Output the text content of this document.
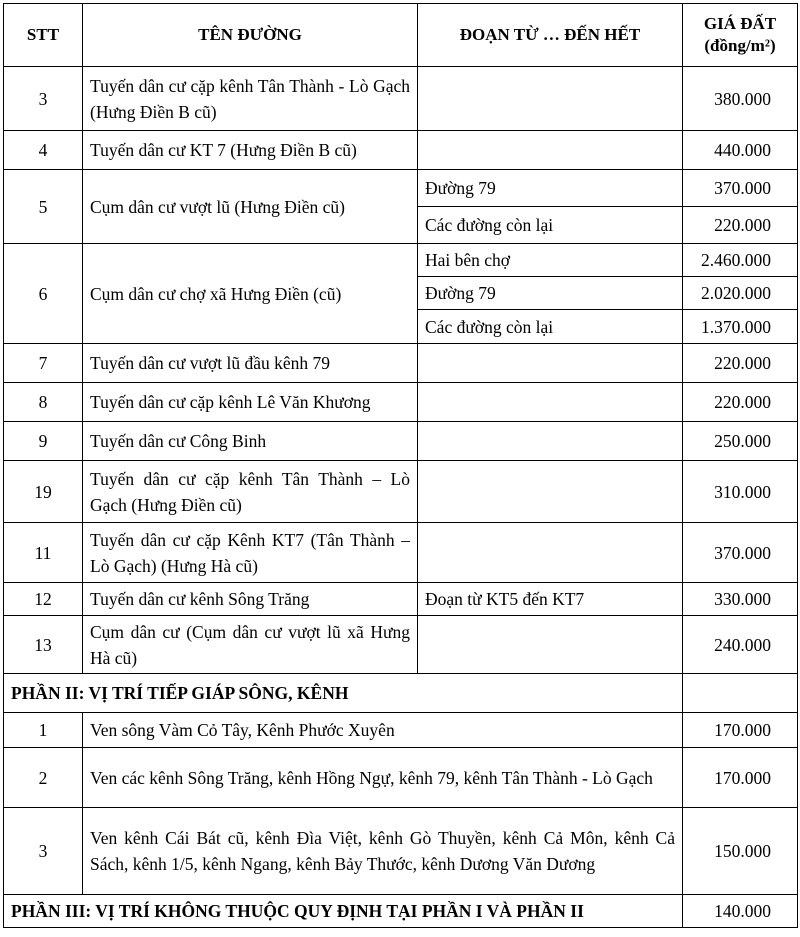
STT	TÊN ĐƯỜNG	ĐOẠN TỪ … ĐẾN HẾT	GIÁ ĐẤT
(đồng/m²)

3	Tuyến dân cư cặp kênh Tân Thành - Lò Gạch (Hưng Điền B cũ)		380.000
4	Tuyến dân cư KT 7 (Hưng Điền B cũ)		440.000
5	Cụm dân cư vượt lũ (Hưng Điền cũ)	Đường 79	370.000
		Các đường còn lại	220.000
6	Cụm dân cư chợ xã Hưng Điền (cũ)	Hai bên chợ	2.460.000
		Đường 79	2.020.000
		Các đường còn lại	1.370.000
7	Tuyến dân cư vượt lũ đầu kênh 79		220.000
8	Tuyến dân cư cặp kênh Lê Văn Khương		220.000
9	Tuyến dân cư Công Binh		250.000
19	Tuyến dân cư cặp kênh Tân Thành – Lò Gạch (Hưng Điền cũ)		310.000
11	Tuyến dân cư cặp Kênh KT7 (Tân Thành – Lò Gạch) (Hưng Hà cũ)		370.000
12	Tuyến dân cư kênh Sông Trăng	Đoạn từ KT5 đến KT7	330.000
13	Cụm dân cư (Cụm dân cư vượt lũ xã Hưng Hà cũ)		240.000
PHẦN II: VỊ TRÍ TIẾP GIÁP SÔNG, KÊNH			
1	Ven sông Vàm Cỏ Tây, Kênh Phước Xuyên		170.000
2	Ven các kênh Sông Trăng, kênh Hồng Ngự, kênh 79, kênh Tân Thành - Lò Gạch		170.000
3	Ven kênh Cái Bát cũ, kênh Đìa Việt, kênh Gò Thuyền, kênh Cả Môn, kênh Cả Sách, kênh 1/5, kênh Ngang, kênh Bảy Thước, kênh Dương Văn Dương		150.000
PHẦN III: VỊ TRÍ KHÔNG THUỘC QUY ĐỊNH TẠI PHẦN I VÀ PHẦN II			140.000
